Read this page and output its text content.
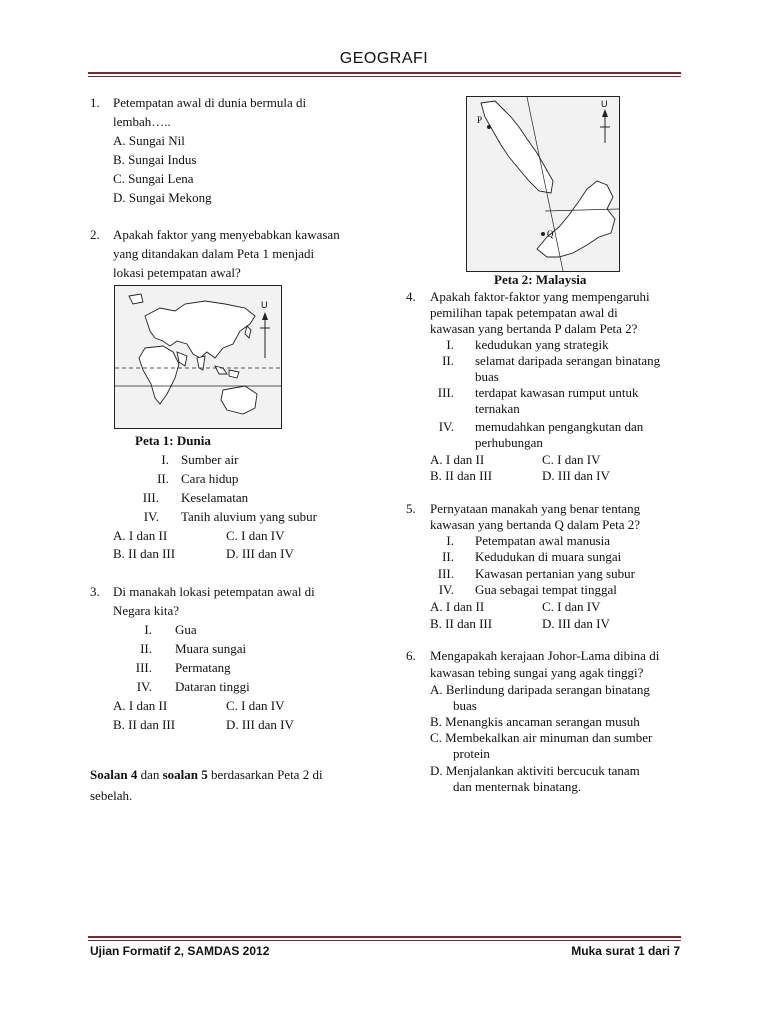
GEOGRAFI
1. Petempatan awal di dunia bermula di
lembah…..
A. Sungai Nil
B. Sungai Indus
C. Sungai Lena
D. Sungai Mekong
2. Apakah faktor yang menyebabkan kawasan
yang ditandakan dalam Peta 1 menjadi
lokasi petempatan awal?
U
Peta 1: Dunia
I. Sumber air
II. Cara hidup
III. Keselamatan
IV. Tanih aluvium yang subur
A. I dan II	C. I dan IV
B. II dan III	D. III dan IV
3. Di manakah lokasi petempatan awal di
Negara kita?
I. Gua
II. Muara sungai
III. Permatang
IV. Dataran tinggi
A. I dan II	C. I dan IV
B. II dan III	D. III dan IV
Soalan 4 dan soalan 5 berdasarkan Peta 2 di
sebelah.
P
Q
U
Peta 2: Malaysia
4. Apakah faktor-faktor yang mempengaruhi
pemilihan tapak petempatan awal di
kawasan yang bertanda P dalam Peta 2?
I. kedudukan yang strategik
II. selamat daripada serangan binatang
buas
III. terdapat kawasan rumput untuk
ternakan
IV. memudahkan pengangkutan dan
perhubungan
A. I dan II	C. I dan IV
B. II dan III	D. III dan IV
5. Pernyataan manakah yang benar tentang
kawasan yang bertanda Q dalam Peta 2?
I. Petempatan awal manusia
II. Kedudukan di muara sungai
III. Kawasan pertanian yang subur
IV. Gua sebagai tempat tinggal
A. I dan II	C. I dan IV
B. II dan III	D. III dan IV
6. Mengapakah kerajaan Johor-Lama dibina di
kawasan tebing sungai yang agak tinggi?
A. Berlindung daripada serangan binatang
buas
B. Menangkis ancaman serangan musuh
C. Membekalkan air minuman dan sumber
protein
D. Menjalankan aktiviti bercucuk tanam
dan menternak binatang.
Ujian Formatif 2, SAMDAS 2012	Muka surat 1 dari 7
